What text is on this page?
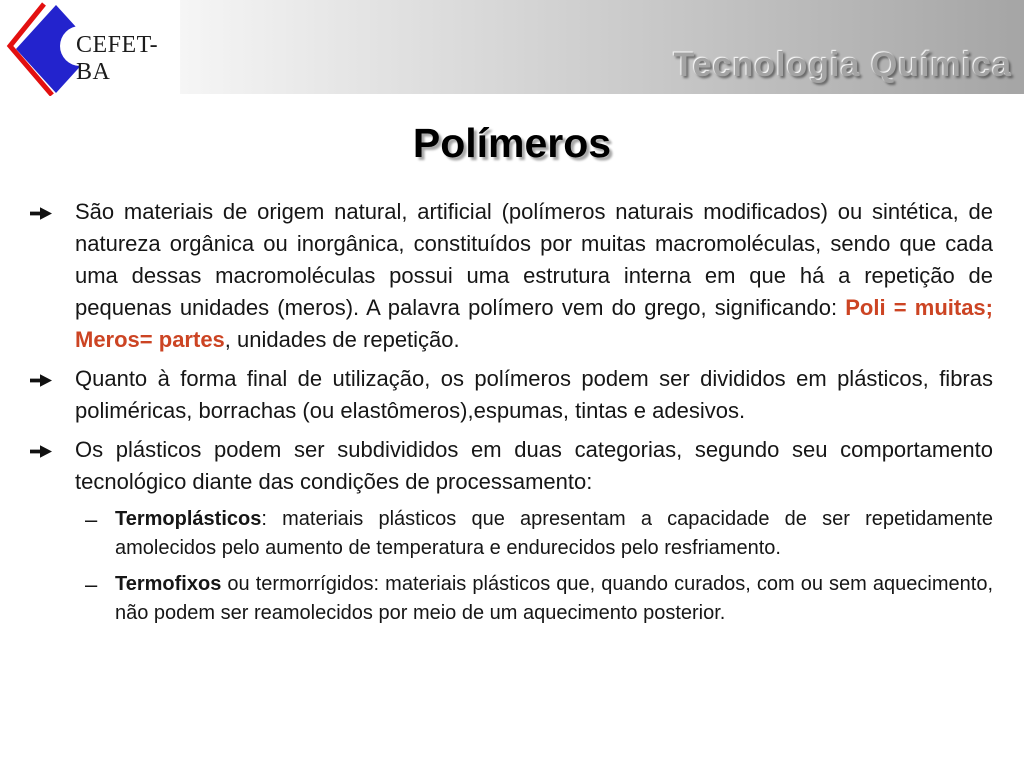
CEFET-BA	Tecnologia Química
Polímeros
São materiais de origem natural, artificial (polímeros naturais modificados) ou sintética, de natureza orgânica ou inorgânica, constituídos por muitas macromoléculas, sendo que cada uma dessas macromoléculas possui uma estrutura interna em que há a repetição de pequenas unidades (meros). A palavra polímero vem do grego, significando: Poli = muitas; Meros= partes, unidades de repetição.
Quanto à forma final de utilização, os polímeros podem ser divididos em plásticos, fibras poliméricas, borrachas (ou elastômeros),espumas, tintas e adesivos.
Os plásticos podem ser subdivididos em duas categorias, segundo seu comportamento tecnológico diante das condições de processamento:
– Termoplásticos: materiais plásticos que apresentam a capacidade de ser repetidamente amolecidos pelo aumento de temperatura e endurecidos pelo resfriamento.
– Termofixos ou termorrígidos: materiais plásticos que, quando curados, com ou sem aquecimento, não podem ser reamolecidos por meio de um aquecimento posterior.
